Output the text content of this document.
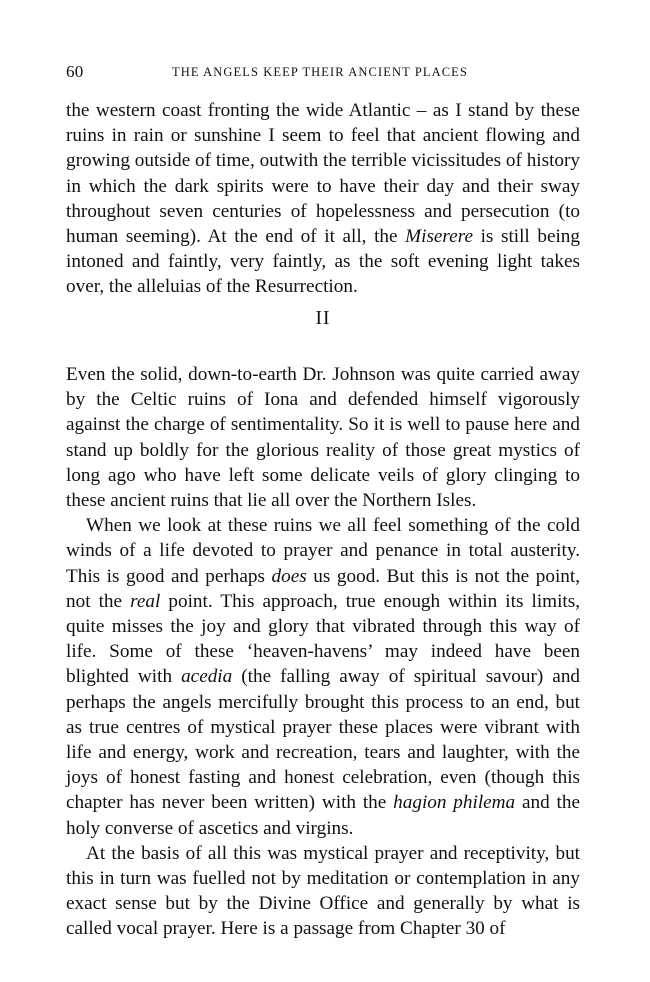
60	THE ANGELS KEEP THEIR ANCIENT PLACES

the western coast fronting the wide Atlantic – as I stand by these ruins in rain or sunshine I seem to feel that ancient flowing and growing outside of time, outwith the terrible vicissitudes of history in which the dark spirits were to have their day and their sway throughout seven centuries of hopelessness and persecution (to human seeming). At the end of it all, the Miserere is still being intoned and faintly, very faintly, as the soft evening light takes over, the alleluias of the Resurrection.

II

Even the solid, down-to-earth Dr. Johnson was quite carried away by the Celtic ruins of Iona and defended himself vigorously against the charge of sentimentality. So it is well to pause here and stand up boldly for the glorious reality of those great mystics of long ago who have left some delicate veils of glory clinging to these ancient ruins that lie all over the Northern Isles.

When we look at these ruins we all feel something of the cold winds of a life devoted to prayer and penance in total austerity. This is good and perhaps does us good. But this is not the point, not the real point. This approach, true enough within its limits, quite misses the joy and glory that vibrated through this way of life. Some of these ‘heaven-havens’ may indeed have been blighted with acedia (the falling away of spiritual savour) and perhaps the angels mercifully brought this process to an end, but as true centres of mystical prayer these places were vibrant with life and energy, work and recreation, tears and laughter, with the joys of honest fasting and honest celebration, even (though this chapter has never been written) with the hagion philema and the holy converse of ascetics and virgins.

At the basis of all this was mystical prayer and receptivity, but this in turn was fuelled not by meditation or contemplation in any exact sense but by the Divine Office and generally by what is called vocal prayer. Here is a passage from Chapter 30 of
